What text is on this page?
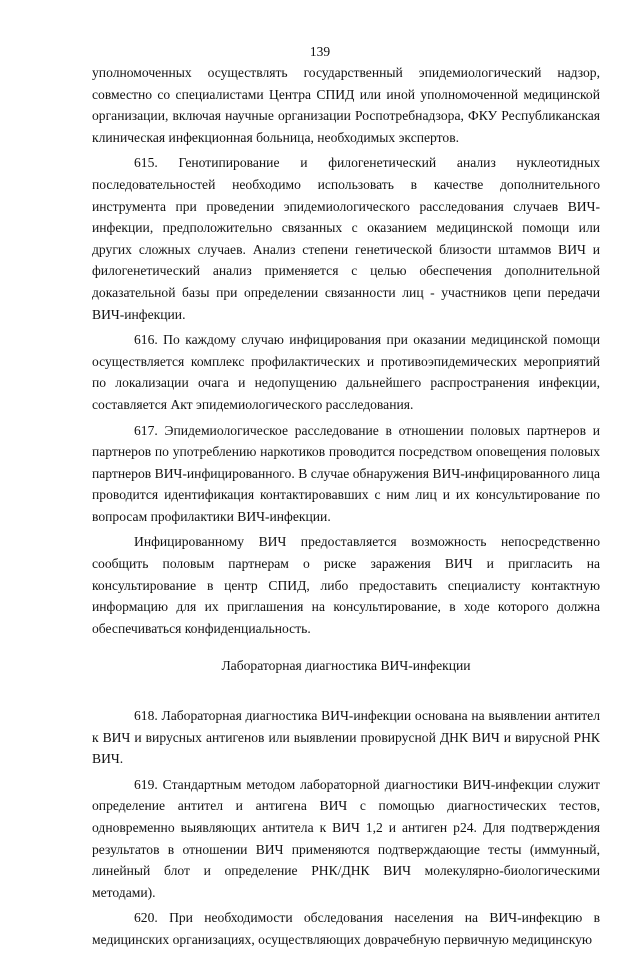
139

уполномоченных осуществлять государственный эпидемиологический надзор, совместно со специалистами Центра СПИД или иной уполномоченной медицинской организации, включая научные организации Роспотребнадзора, ФКУ Республиканская клиническая инфекционная больница, необходимых экспертов.

615. Генотипирование и филогенетический анализ нуклеотидных последовательностей необходимо использовать в качестве дополнительного инструмента при проведении эпидемиологического расследования случаев ВИЧ-инфекции, предположительно связанных с оказанием медицинской помощи или других сложных случаев. Анализ степени генетической близости штаммов ВИЧ и филогенетический анализ применяется с целью обеспечения дополнительной доказательной базы при определении связанности лиц - участников цепи передачи ВИЧ-инфекции.

616. По каждому случаю инфицирования при оказании медицинской помощи осуществляется комплекс профилактических и противоэпидемических мероприятий по локализации очага и недопущению дальнейшего распространения инфекции, составляется Акт эпидемиологического расследования.

617. Эпидемиологическое расследование в отношении половых партнеров и партнеров по употреблению наркотиков проводится посредством оповещения половых партнеров ВИЧ-инфицированного. В случае обнаружения ВИЧ-инфицированного лица проводится идентификация контактировавших с ним лиц и их консультирование по вопросам профилактики ВИЧ-инфекции.

Инфицированному ВИЧ предоставляется возможность непосредственно сообщить половым партнерам о риске заражения ВИЧ и пригласить на консультирование в центр СПИД, либо предоставить специалисту контактную информацию для их приглашения на консультирование, в ходе которого должна обеспечиваться конфиденциальность.

Лабораторная диагностика ВИЧ-инфекции

618. Лабораторная диагностика ВИЧ-инфекции основана на выявлении антител к ВИЧ и вирусных антигенов или выявлении провирусной ДНК ВИЧ и вирусной РНК ВИЧ.

619. Стандартным методом лабораторной диагностики ВИЧ-инфекции служит определение антител и антигена ВИЧ с помощью диагностических тестов, одновременно выявляющих антитела к ВИЧ 1,2 и антиген р24. Для подтверждения результатов в отношении ВИЧ применяются подтверждающие тесты (иммунный, линейный блот и определение РНК/ДНК ВИЧ молекулярно-биологическими методами).

620. При необходимости обследования населения на ВИЧ-инфекцию в медицинских организациях, осуществляющих доврачебную первичную медицинскую
